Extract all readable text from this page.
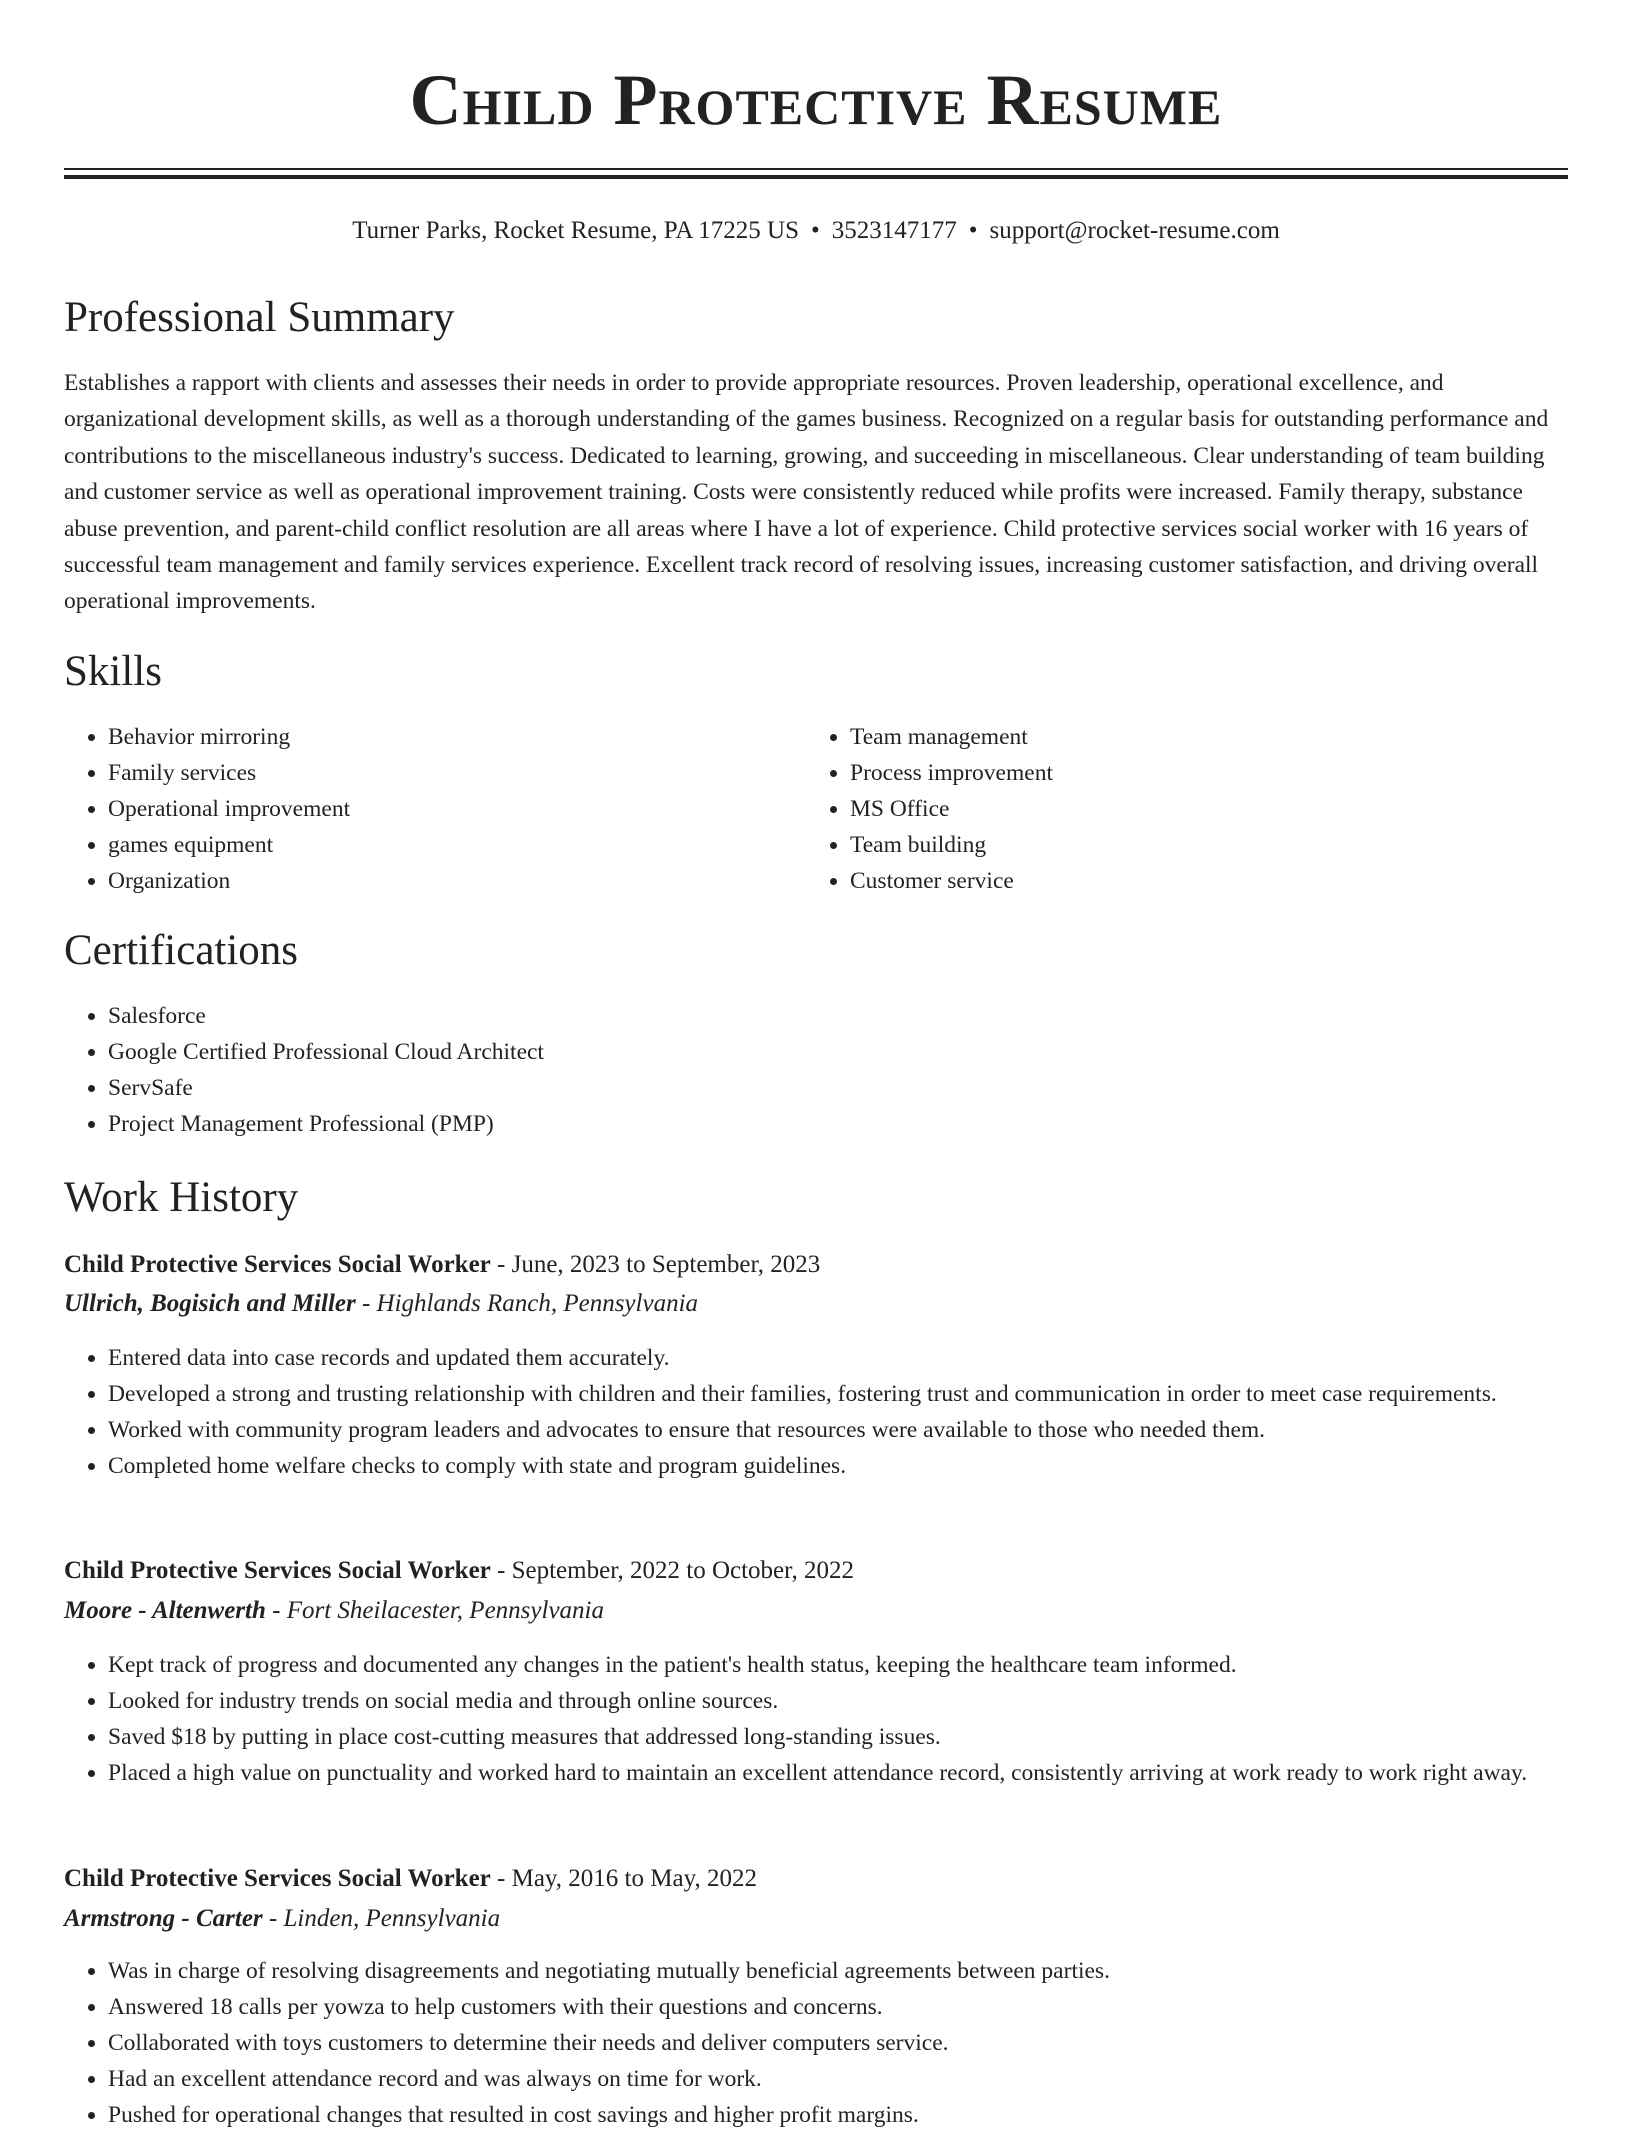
Child Protective Resume
Turner Parks, Rocket Resume, PA 17225 US • 3523147177 • support@rocket-resume.com
Professional Summary

Establishes a rapport with clients and assesses their needs in order to provide appropriate resources. Proven leadership, operational excellence, and organizational development skills, as well as a thorough understanding of the games business. Recognized on a regular basis for outstanding performance and contributions to the miscellaneous industry's success. Dedicated to learning, growing, and succeeding in miscellaneous. Clear understanding of team building and customer service as well as operational improvement training. Costs were consistently reduced while profits were increased. Family therapy, substance abuse prevention, and parent-child conflict resolution are all areas where I have a lot of experience. Child protective services social worker with 16 years of successful team management and family services experience. Excellent track record of resolving issues, increasing customer satisfaction, and driving overall operational improvements.

Skills
• Behavior mirroring
• Family services
• Operational improvement
• games equipment
• Organization
• Team management
• Process improvement
• MS Office
• Team building
• Customer service
Certifications
• Salesforce
• Google Certified Professional Cloud Architect
• ServSafe
• Project Management Professional (PMP)
Work History
Child Protective Services Social Worker - June, 2023 to September, 2023
Ullrich, Bogisich and Miller - Highlands Ranch, Pennsylvania
• Entered data into case records and updated them accurately.
• Developed a strong and trusting relationship with children and their families, fostering trust and communication in order to meet case requirements.
• Worked with community program leaders and advocates to ensure that resources were available to those who needed them.
• Completed home welfare checks to comply with state and program guidelines.
Child Protective Services Social Worker - September, 2022 to October, 2022
Moore - Altenwerth - Fort Sheilacester, Pennsylvania
• Kept track of progress and documented any changes in the patient's health status, keeping the healthcare team informed.
• Looked for industry trends on social media and through online sources.
• Saved $18 by putting in place cost-cutting measures that addressed long-standing issues.
• Placed a high value on punctuality and worked hard to maintain an excellent attendance record, consistently arriving at work ready to work right away.
Child Protective Services Social Worker - May, 2016 to May, 2022
Armstrong - Carter - Linden, Pennsylvania
• Was in charge of resolving disagreements and negotiating mutually beneficial agreements between parties.
• Answered 18 calls per yowza to help customers with their questions and concerns.
• Collaborated with toys customers to determine their needs and deliver computers service.
• Had an excellent attendance record and was always on time for work.
• Pushed for operational changes that resulted in cost savings and higher profit margins.
